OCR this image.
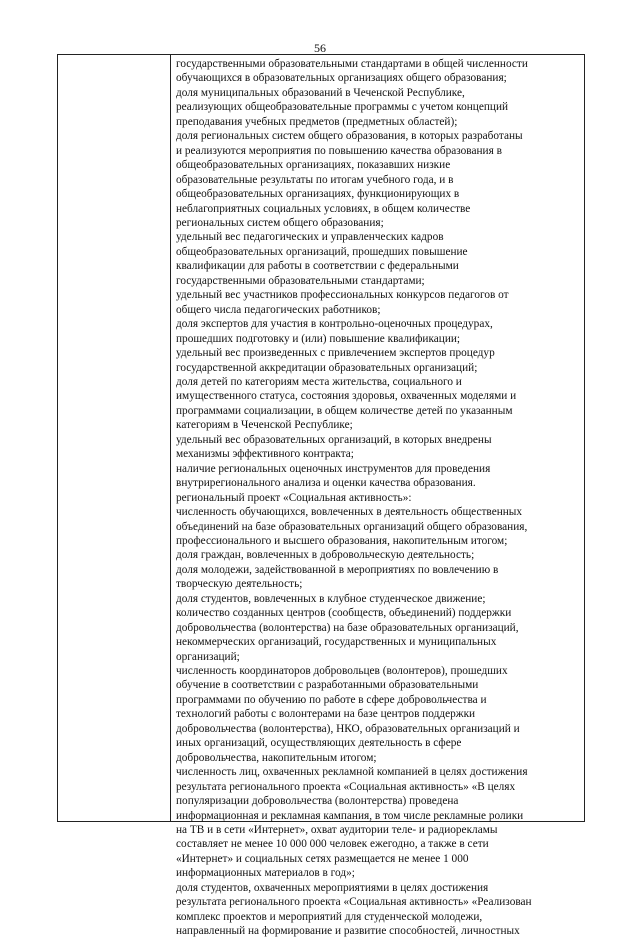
56
государственными образовательными стандартами в общей численности
обучающихся в образовательных организациях общего образования;
доля муниципальных образований в Чеченской Республике,
реализующих общеобразовательные программы с учетом концепций
преподавания учебных предметов (предметных областей);
доля региональных систем общего образования, в которых разработаны
и реализуются мероприятия по повышению качества образования в
общеобразовательных организациях, показавших низкие
образовательные результаты по итогам учебного года, и в
общеобразовательных организациях, функционирующих в
неблагоприятных социальных условиях, в общем количестве
региональных систем общего образования;
удельный вес педагогических и управленческих кадров
общеобразовательных организаций, прошедших повышение
квалификации для работы в соответствии с федеральными
государственными образовательными стандартами;
удельный вес участников профессиональных конкурсов педагогов от
общего числа педагогических работников;
доля экспертов для участия в контрольно-оценочных процедурах,
прошедших подготовку и (или) повышение квалификации;
удельный вес произведенных с привлечением экспертов процедур
государственной аккредитации образовательных организаций;
доля детей по категориям места жительства, социального и
имущественного статуса, состояния здоровья, охваченных моделями и
программами социализации, в общем количестве детей по указанным
категориям в Чеченской Республике;
удельный вес образовательных организаций, в которых внедрены
механизмы эффективного контракта;
наличие региональных оценочных инструментов для проведения
внутрирегионального анализа и оценки качества образования.
региональный проект «Социальная активность»:
численность обучающихся, вовлеченных в деятельность общественных
объединений на базе образовательных организаций общего образования,
профессионального и высшего образования, накопительным итогом;
доля граждан, вовлеченных в добровольческую деятельность;
доля молодежи, задействованной в мероприятиях по вовлечению в
творческую деятельность;
доля студентов, вовлеченных в клубное студенческое движение;
количество созданных центров (сообществ, объединений) поддержки
добровольчества (волонтерства) на базе образовательных организаций,
некоммерческих организаций, государственных и муниципальных
организаций;
численность координаторов добровольцев (волонтеров), прошедших
обучение в соответствии с разработанными образовательными
программами по обучению по работе в сфере добровольчества и
технологий работы с волонтерами на базе центров поддержки
добровольчества (волонтерства), НКО, образовательных организаций и
иных организаций, осуществляющих деятельность в сфере
добровольчества, накопительным итогом;
численность лиц, охваченных рекламной компанией в целях достижения
результата регионального проекта «Социальная активность» «В целях
популяризации добровольчества (волонтерства) проведена
информационная и рекламная кампания, в том числе рекламные ролики
на ТВ и в сети «Интернет», охват аудитории теле- и радиорекламы
составляет не менее 10 000 000 человек ежегодно, а также в сети
«Интернет» и социальных сетях размещается не менее 1 000
информационных материалов в год»;
доля студентов, охваченных мероприятиями в целях достижения
результата регионального проекта «Социальная активность» «Реализован
комплекс проектов и мероприятий для студенческой молодежи,
направленный на формирование и развитие способностей, личностных
